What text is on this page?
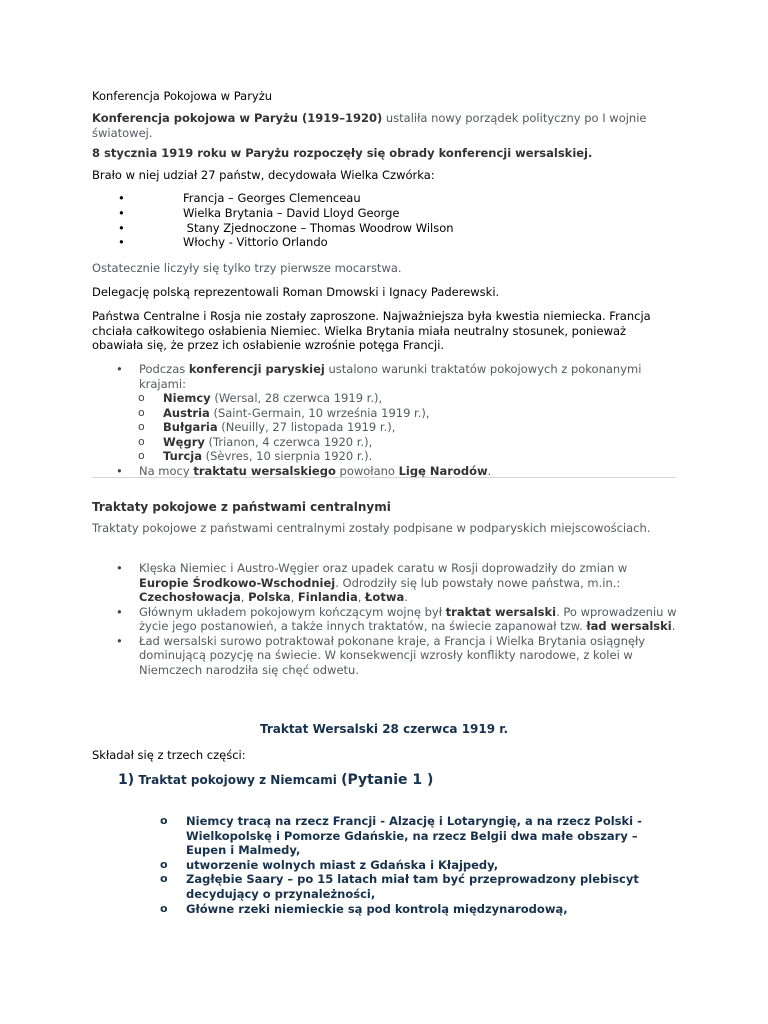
Konferencja Pokojowa w Paryżu

Konferencja pokojowa w Paryżu (1919–1920) ustaliła nowy porządek polityczny po I wojnie światowej.

8 stycznia 1919 roku w Paryżu rozpoczęły się obrady konferencji wersalskiej.

Brało w niej udział 27 państw, decydowała Wielka Czwórka:

•	Francja – Georges Clemenceau
•	Wielka Brytania – David Lloyd George
•	Stany Zjednoczone – Thomas Woodrow Wilson
•	Włochy - Vittorio Orlando

Ostatecznie liczyły się tylko trzy pierwsze mocarstwa.

Delegację polską reprezentowali Roman Dmowski i Ignacy Paderewski.

Państwa Centralne i Rosja nie zostały zaproszone. Najważniejsza była kwestia niemiecka. Francja chciała całkowitego osłabienia Niemiec. Wielka Brytania miała neutralny stosunek, ponieważ obawiała się, że przez ich osłabienie wzrośnie potęga Francji.

• Podczas konferencji paryskiej ustalono warunki traktatów pokojowych z pokonanymi krajami:
o Niemcy (Wersal, 28 czerwca 1919 r.),
o Austria (Saint-Germain, 10 września 1919 r.),
o Bułgaria (Neuilly, 27 listopada 1919 r.),
o Węgry (Trianon, 4 czerwca 1920 r.),
o Turcja (Sèvres, 10 sierpnia 1920 r.).
• Na mocy traktatu wersalskiego powołano Ligę Narodów.

Traktaty pokojowe z państwami centralnymi

Traktaty pokojowe z państwami centralnymi zostały podpisane w podparyskich miejscowościach.

• Klęska Niemiec i Austro-Węgier oraz upadek caratu w Rosji doprowadziły do zmian w Europie Środkowo-Wschodniej. Odrodziły się lub powstały nowe państwa, m.in.: Czechosłowacja, Polska, Finlandia, Łotwa.
• Głównym układem pokojowym kończącym wojnę był traktat wersalski. Po wprowadzeniu w życie jego postanowień, a także innych traktatów, na świecie zapanował tzw. ład wersalski.
• Ład wersalski surowo potraktował pokonane kraje, a Francja i Wielka Brytania osiągnęły dominującą pozycję na świecie. W konsekwencji wzrosły konflikty narodowe, z kolei w Niemczech narodziła się chęć odwetu.

Traktat Wersalski 28 czerwca 1919 r.

Składał się z trzech części:

1) Traktat pokojowy z Niemcami (Pytanie 1 )
o Niemcy tracą na rzecz Francji - Alzację i Lotaryngię, a na rzecz Polski - Wielkopolskę i Pomorze Gdańskie, na rzecz Belgii dwa małe obszary – Eupen i Malmedy,
o utworzenie wolnych miast z Gdańska i Kłajpedy,
o Zagłębie Saary – po 15 latach miał tam być przeprowadzony plebiscyt decydujący o przynależności,
o Główne rzeki niemieckie są pod kontrolą międzynarodową,
